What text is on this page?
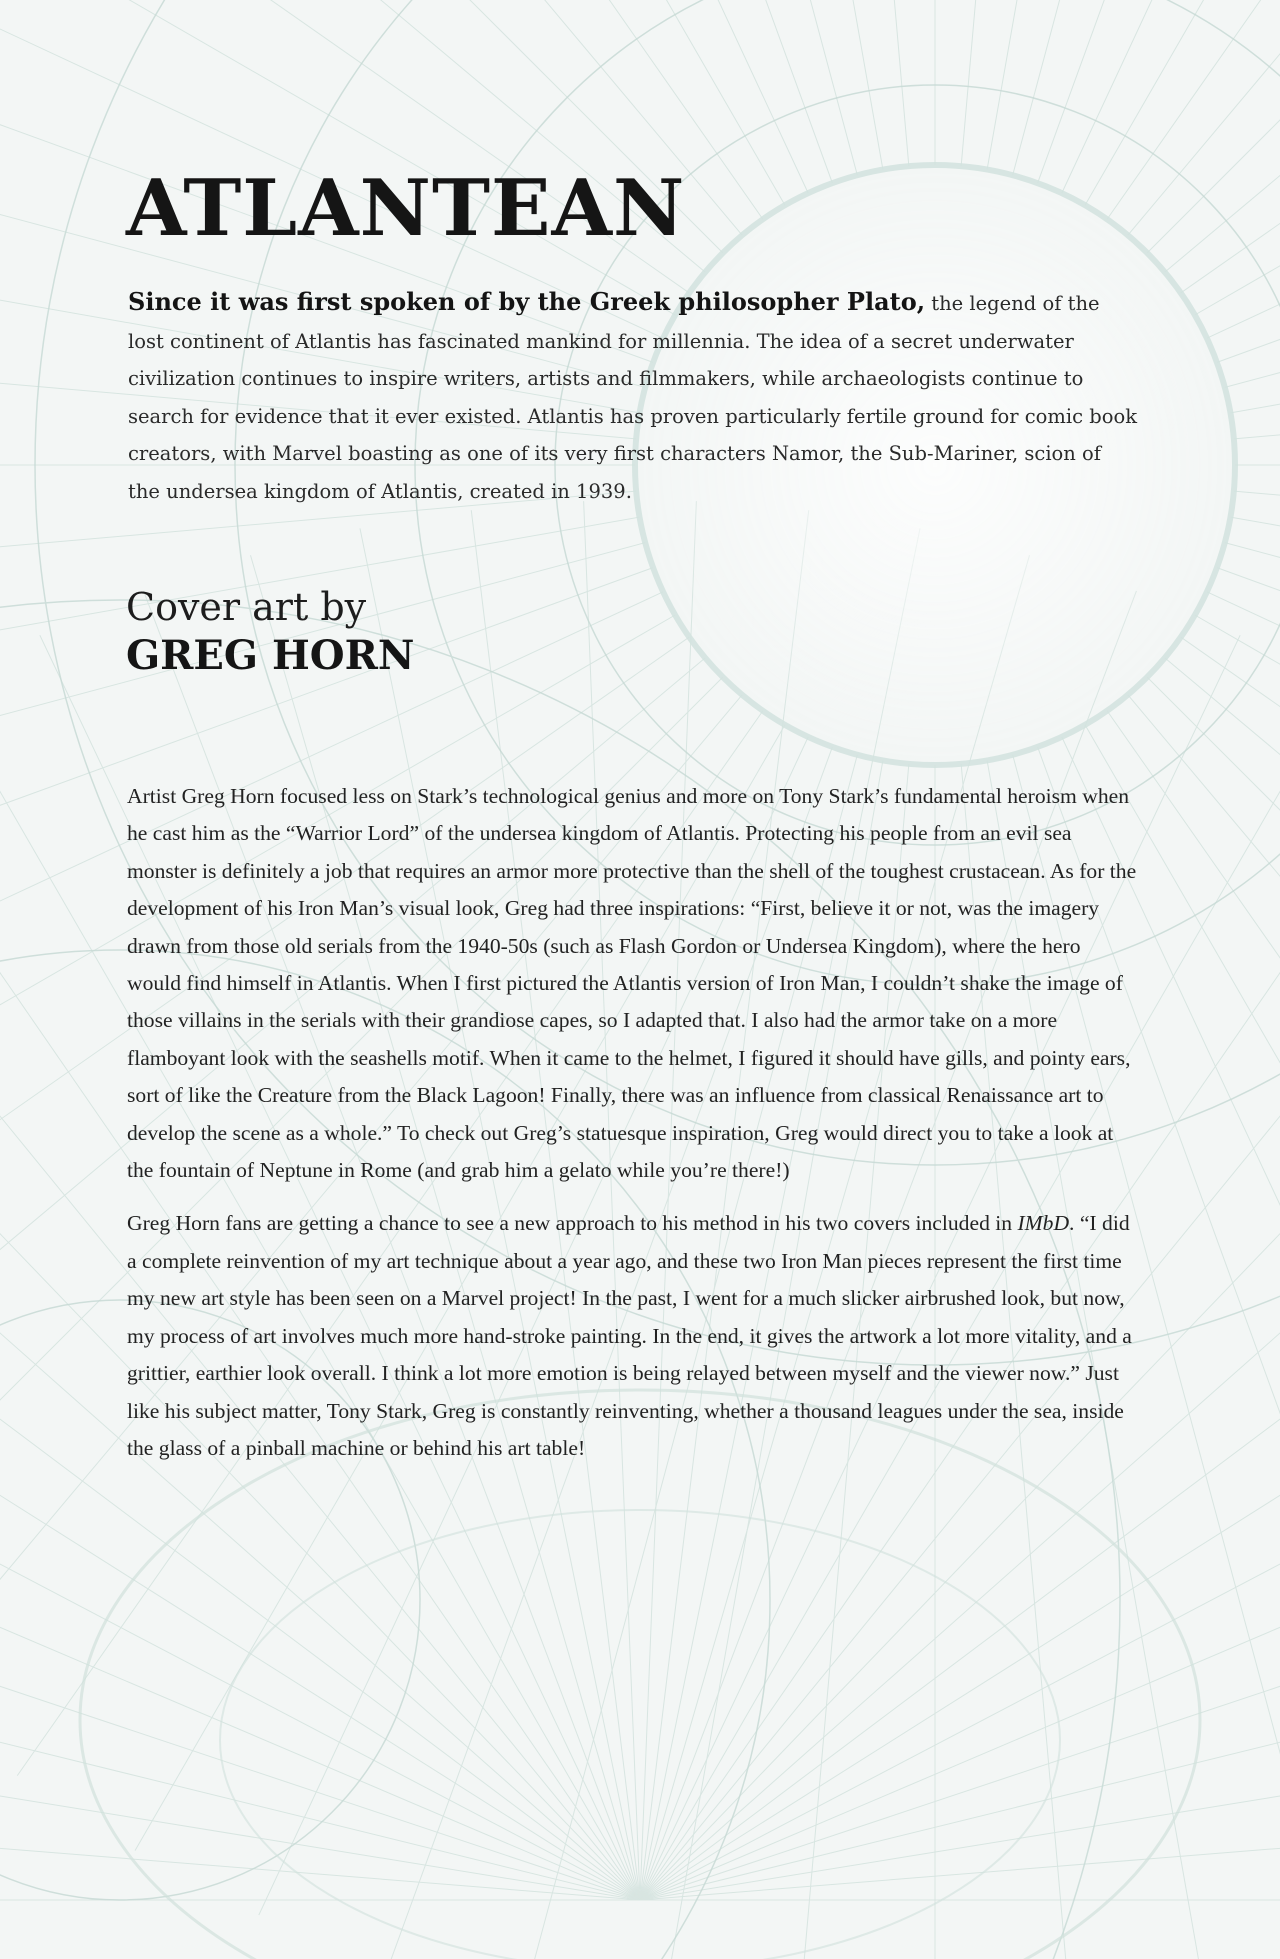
ATLANTEAN

Since it was first spoken of by the Greek philosopher Plato, the legend of the lost continent of Atlantis has fascinated mankind for millennia. The idea of a secret underwater civilization continues to inspire writers, artists and filmmakers, while archaeologists continue to search for evidence that it ever existed. Atlantis has proven particularly fertile ground for comic book creators, with Marvel boasting as one of its very first characters Namor, the Sub-Mariner, scion of the undersea kingdom of Atlantis, created in 1939.

Cover art by
GREG HORN

Artist Greg Horn focused less on Stark’s technological genius and more on Tony Stark’s fundamental heroism when he cast him as the “Warrior Lord” of the undersea kingdom of Atlantis. Protecting his people from an evil sea monster is definitely a job that requires an armor more protective than the shell of the toughest crustacean. As for the development of his Iron Man’s visual look, Greg had three inspirations: “First, believe it or not, was the imagery drawn from those old serials from the 1940-50s (such as Flash Gordon or Undersea Kingdom), where the hero would find himself in Atlantis. When I first pictured the Atlantis version of Iron Man, I couldn’t shake the image of those villains in the serials with their grandiose capes, so I adapted that. I also had the armor take on a more flamboyant look with the seashells motif. When it came to the helmet, I figured it should have gills, and pointy ears, sort of like the Creature from the Black Lagoon! Finally, there was an influence from classical Renaissance art to develop the scene as a whole.” To check out Greg’s statuesque inspiration, Greg would direct you to take a look at the fountain of Neptune in Rome (and grab him a gelato while you’re there!)

Greg Horn fans are getting a chance to see a new approach to his method in his two covers included in IMbD. “I did a complete reinvention of my art technique about a year ago, and these two Iron Man pieces represent the first time my new art style has been seen on a Marvel project! In the past, I went for a much slicker airbrushed look, but now, my process of art involves much more hand-stroke painting. In the end, it gives the artwork a lot more vitality, and a grittier, earthier look overall. I think a lot more emotion is being relayed between myself and the viewer now.” Just like his subject matter, Tony Stark, Greg is constantly reinventing, whether a thousand leagues under the sea, inside the glass of a pinball machine or behind his art table!
